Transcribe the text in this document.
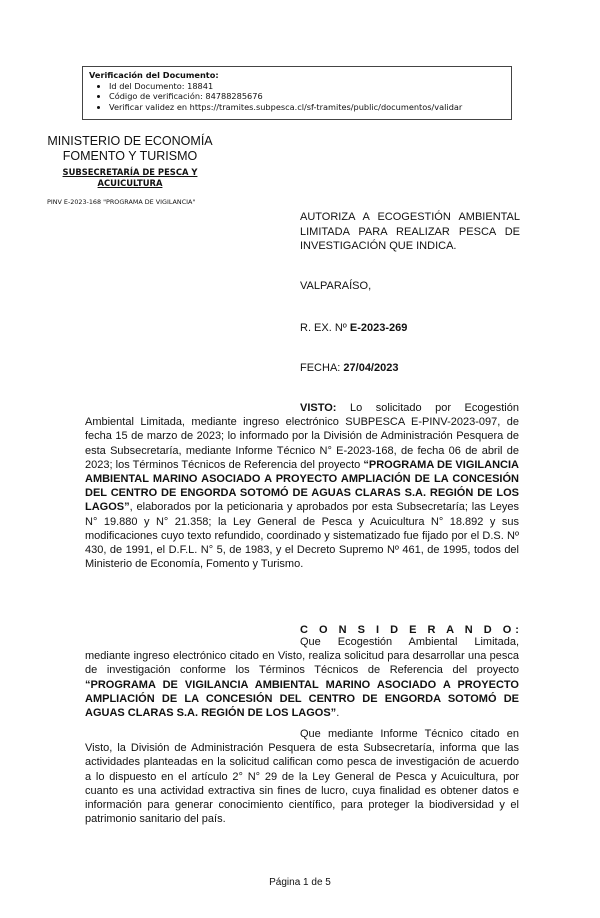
Verificación del Documento:
• Id del Documento: 18841
• Código de verificación: 84788285676
• Verificar validez en https://tramites.subpesca.cl/sf-tramites/public/documentos/validar
MINISTERIO DE ECONOMÍA
FOMENTO Y TURISMO
SUBSECRETARÍA DE PESCA Y ACUICULTURA
PINV E-2023-168 "PROGRAMA DE VIGILANCIA"
AUTORIZA A ECOGESTIÓN AMBIENTAL LIMITADA PARA REALIZAR PESCA DE INVESTIGACIÓN QUE INDICA.
VALPARAÍSO,
R. EX. Nº E-2023-269
FECHA: 27/04/2023

VISTO: Lo solicitado por Ecogestión Ambiental Limitada, mediante ingreso electrónico SUBPESCA E-PINV-2023-097, de fecha 15 de marzo de 2023; lo informado por la División de Administración Pesquera de esta Subsecretaría, mediante Informe Técnico N° E-2023-168, de fecha 06 de abril de 2023; los Términos Técnicos de Referencia del proyecto “PROGRAMA DE VIGILANCIA AMBIENTAL MARINO ASOCIADO A PROYECTO AMPLIACIÓN DE LA CONCESIÓN DEL CENTRO DE ENGORDA SOTOMÓ DE AGUAS CLARAS S.A. REGIÓN DE LOS LAGOS”, elaborados por la peticionaria y aprobados por esta Subsecretaría; las Leyes N° 19.880 y N° 21.358; la Ley General de Pesca y Acuicultura N° 18.892 y sus modificaciones cuyo texto refundido, coordinado y sistematizado fue fijado por el D.S. Nº 430, de 1991, el D.F.L. N° 5, de 1983, y el Decreto Supremo Nº 461, de 1995, todos del Ministerio de Economía, Fomento y Turismo.

C O N S I D E R A N D O:

Que Ecogestión Ambiental Limitada, mediante ingreso electrónico citado en Visto, realiza solicitud para desarrollar una pesca de investigación conforme los Términos Técnicos de Referencia del proyecto “PROGRAMA DE VIGILANCIA AMBIENTAL MARINO ASOCIADO A PROYECTO AMPLIACIÓN DE LA CONCESIÓN DEL CENTRO DE ENGORDA SOTOMÓ DE AGUAS CLARAS S.A. REGIÓN DE LOS LAGOS”.

Que mediante Informe Técnico citado en Visto, la División de Administración Pesquera de esta Subsecretaría, informa que las actividades planteadas en la solicitud califican como pesca de investigación de acuerdo a lo dispuesto en el artículo 2° N° 29 de la Ley General de Pesca y Acuicultura, por cuanto es una actividad extractiva sin fines de lucro, cuya finalidad es obtener datos e información para generar conocimiento científico, para proteger la biodiversidad y el patrimonio sanitario del país.

Página 1 de 5
